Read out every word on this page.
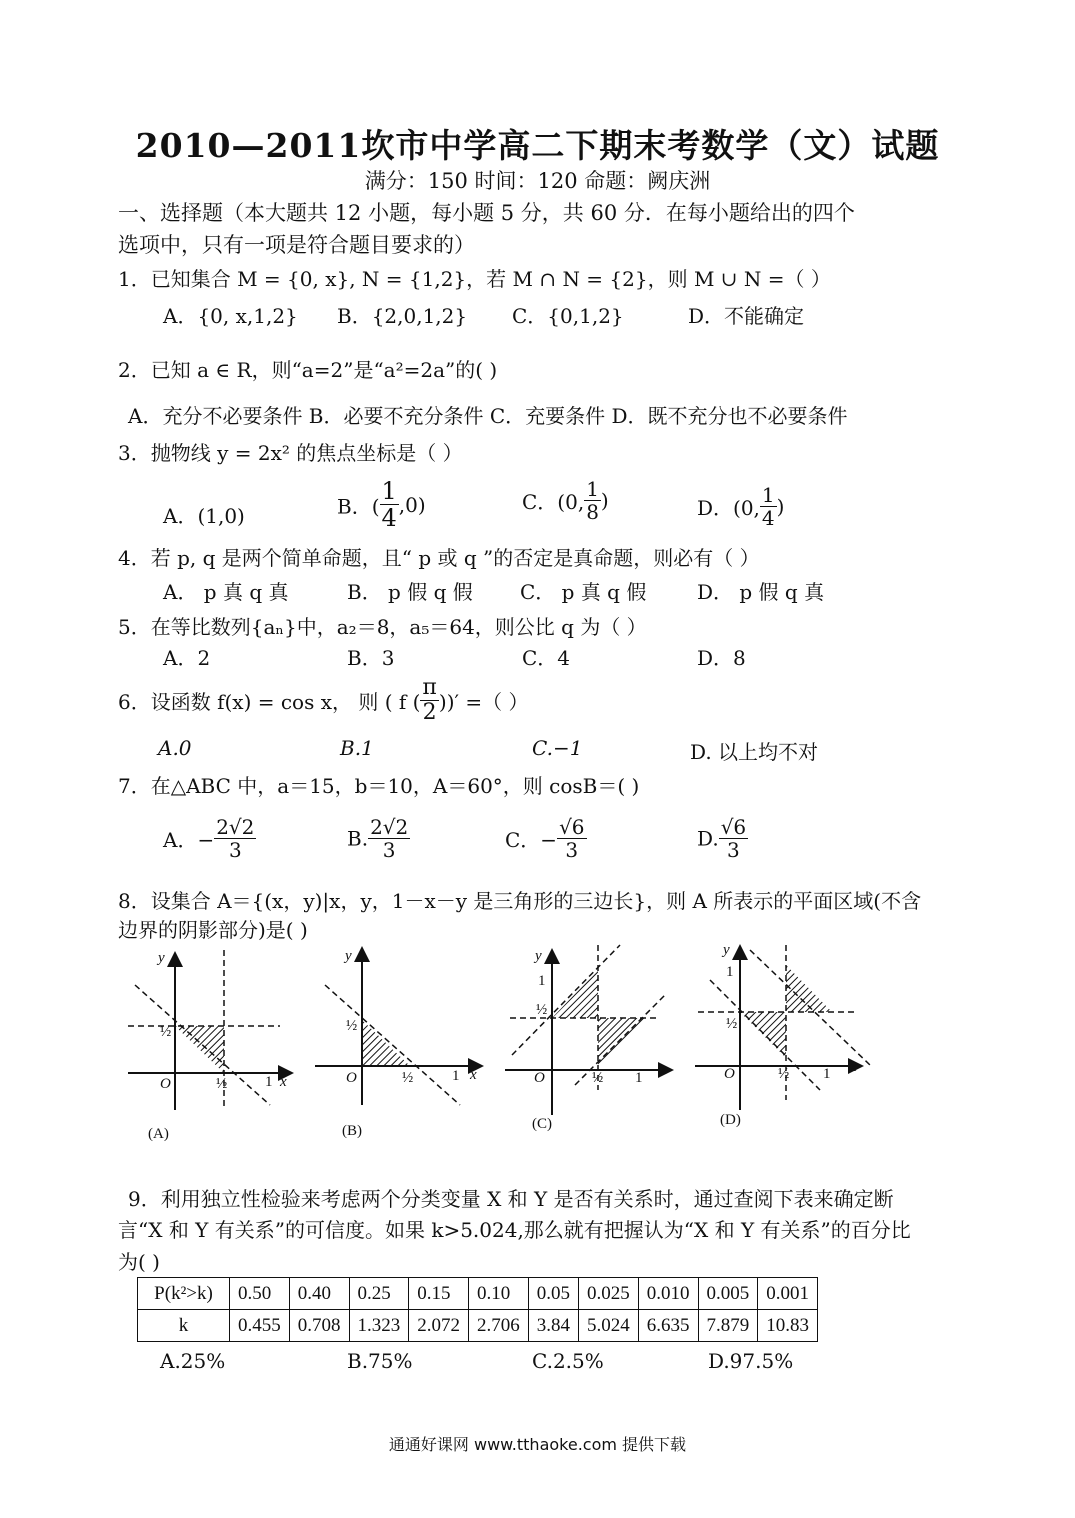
2010—2011坎市中学高二下期末考数学（文）试题
满分：150 时间：120 命题：阙庆洲
一、选择题（本大题共 12 小题，每小题 5 分，共 60 分．在每小题给出的四个
选项中，只有一项是符合题目要求的）
1．已知集合 M = {0, x}, N = {1,2}，若 M ∩ N = {2}，则 M ∪ N =（ ）
A．{0, x,1,2} B．{2,0,1,2} C．{0,1,2}	D．不能确定
2．已知 a ∈ R，则“a=2”是“a²=2a”的( )
A．充分不必要条件 B．必要不充分条件 C．充要条件 D．既不充分也不必要条件
3．抛物线 y = 2x² 的焦点坐标是（ ）
A．(1,0)	B．( $\frac{1}{4} ,0$)	C．(0, $\frac{1}{8}$ )	D．(0, $\frac{1}{4}$ )
4．若 p, q 是两个简单命题，且“ p 或 q ”的否定是真命题，则必有（ ）
A． p 真 q 真	B． p 假 q 假 C． p 真 q 假	D． p 假 q 真
5．在等比数列{aₙ}中，a₂＝8，a₅＝64，则公比 q 为（ ）
A．2	B．3	C．4	D．8
6．设函数 f(x) = cos x， 则 ( f ( $\frac{\pi}{2}$ ))′ =（ ）
A.0	B.1	C.−1	D. 以上均不对
7．在△ABC 中，a＝15，b＝10，A＝60°，则 cosB＝( )
A．− $\frac{2√2}{3}$	B. $\frac{2√2}{3}$	C．− $\frac{√6}{3}$	D. $\frac{√6}{3}$
8．设集合 A＝{(x，y)|x，y，1－x－y 是三角形的三边长}，则 A 所表示的平面区域(不含
边界的阴影部分)是( )
y
x
O	½
½
1
(A)
y
x
O	½
½
1
(B)
y
x
O	½
½
1
1
(C)
y
x
O	½
½
1
1
(D)
9．利用独立性检验来考虑两个分类变量 X 和 Y 是否有关系时，通过查阅下表来确定断
言“X 和 Y 有关系”的可信度。如果 k>5.024,那么就有把握认为“X 和 Y 有关系”的百分比
为( )
P(k²>k)	0.50	0.40	0.25	0.15	0.10	0.05	0.025	0.010	0.005	0.001
k	0.455	0.708	1.323	2.072	2.706	3.84	5.024	6.635	7.879	10.83
A.25%	B.75%	C.2.5%	D.97.5%
通通好课网 www.tthaoke.com 提供下载
